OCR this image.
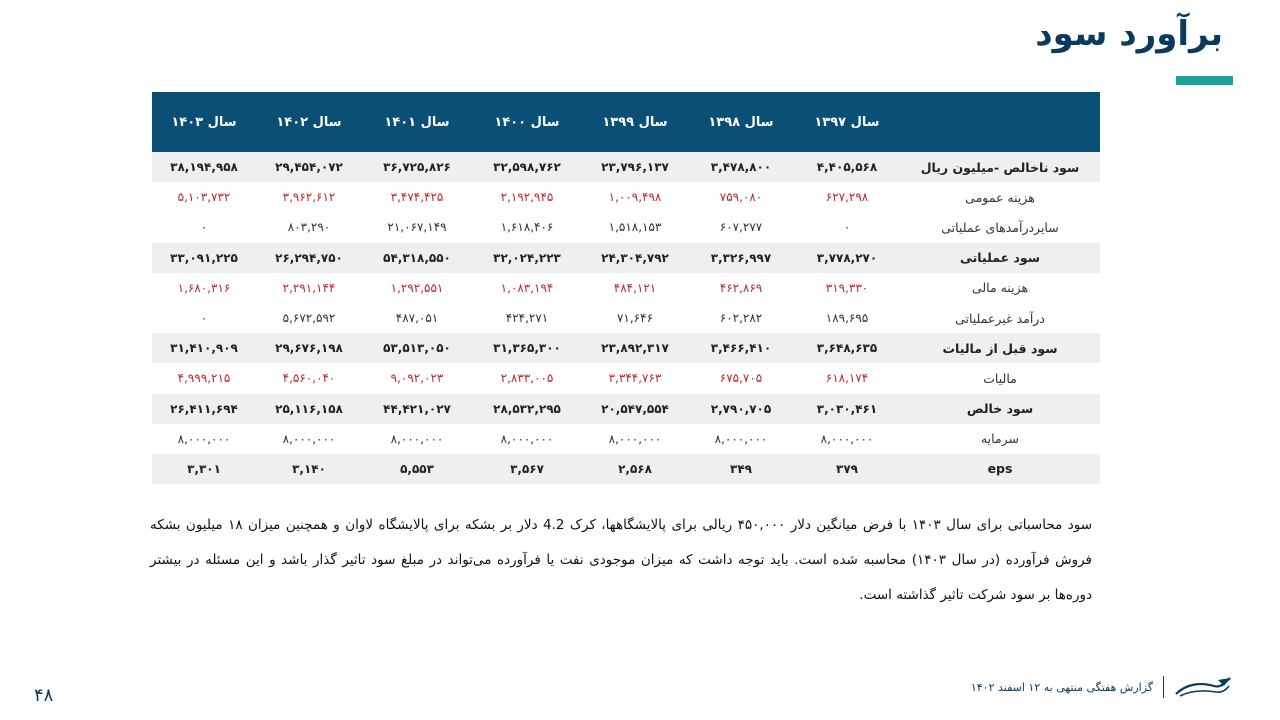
برآورد سود
	سال ۱۳۹۷	سال ۱۳۹۸	سال ۱۳۹۹	سال ۱۴۰۰	سال ۱۴۰۱	سال ۱۴۰۲	سال ۱۴۰۳
سود ناخالص -میلیون ریال	۴,۴۰۵,۵۶۸	۳,۴۷۸,۸۰۰	۲۳,۷۹۶,۱۳۷	۳۲,۵۹۸,۷۶۲	۳۶,۷۲۵,۸۲۶	۲۹,۴۵۴,۰۷۲	۳۸,۱۹۴,۹۵۸
هزینه عمومی	۶۲۷,۲۹۸	۷۵۹,۰۸۰	۱,۰۰۹,۴۹۸	۲,۱۹۲,۹۴۵	۳,۴۷۴,۴۲۵	۳,۹۶۲,۶۱۲	۵,۱۰۳,۷۳۲
سایردرآمدهای عملیاتی	۰	۶۰۷,۲۷۷	۱,۵۱۸,۱۵۳	۱,۶۱۸,۴۰۶	۲۱,۰۶۷,۱۴۹	۸۰۳,۲۹۰	۰
سود عملیاتی	۳,۷۷۸,۲۷۰	۳,۳۲۶,۹۹۷	۲۴,۳۰۴,۷۹۲	۳۲,۰۲۴,۲۲۳	۵۴,۳۱۸,۵۵۰	۲۶,۲۹۴,۷۵۰	۳۳,۰۹۱,۲۲۵
هزینه مالی	۳۱۹,۳۳۰	۴۶۲,۸۶۹	۴۸۴,۱۲۱	۱,۰۸۳,۱۹۴	۱,۲۹۲,۵۵۱	۲,۲۹۱,۱۴۴	۱,۶۸۰,۳۱۶
درآمد غیرعملیاتی	۱۸۹,۶۹۵	۶۰۲,۲۸۲	۷۱,۶۴۶	۴۲۴,۲۷۱	۴۸۷,۰۵۱	۵,۶۷۲,۵۹۲	۰
سود قبل از مالیات	۳,۶۴۸,۶۳۵	۳,۴۶۶,۴۱۰	۲۳,۸۹۲,۳۱۷	۳۱,۳۶۵,۳۰۰	۵۳,۵۱۳,۰۵۰	۲۹,۶۷۶,۱۹۸	۳۱,۴۱۰,۹۰۹
مالیات	۶۱۸,۱۷۴	۶۷۵,۷۰۵	۳,۳۴۴,۷۶۳	۲,۸۳۳,۰۰۵	۹,۰۹۲,۰۲۳	۴,۵۶۰,۰۴۰	۴,۹۹۹,۲۱۵
سود خالص	۳,۰۳۰,۴۶۱	۲,۷۹۰,۷۰۵	۲۰,۵۴۷,۵۵۴	۲۸,۵۳۲,۲۹۵	۴۴,۴۲۱,۰۲۷	۲۵,۱۱۶,۱۵۸	۲۶,۴۱۱,۶۹۴
سرمایه	۸,۰۰۰,۰۰۰	۸,۰۰۰,۰۰۰	۸,۰۰۰,۰۰۰	۸,۰۰۰,۰۰۰	۸,۰۰۰,۰۰۰	۸,۰۰۰,۰۰۰	۸,۰۰۰,۰۰۰
eps	۳۷۹	۳۴۹	۲,۵۶۸	۳,۵۶۷	۵,۵۵۳	۳,۱۴۰	۳,۳۰۱

سود محاسباتی برای سال ۱۴۰۳ با فرض میانگین دلار ۴۵۰,۰۰۰ ریالی برای پالایشگاهها، کرک 4.2 دلار بر بشکه برای پالایشگاه لاوان و همچنین میزان ۱۸ میلیون بشکه فروش فرآورده (در سال ۱۴۰۳) محاسبه شده است. باید توجه داشت که میزان موجودی نفت یا فرآورده می‌تواند در مبلغ سود تاثیر گذار باشد و این مسئله در بیشتر دوره‌ها بر سود شرکت تاثیر گذاشته است.

۴۸	گزارش هفتگی منتهی به ۱۲ اسفند ۱۴۰۲
